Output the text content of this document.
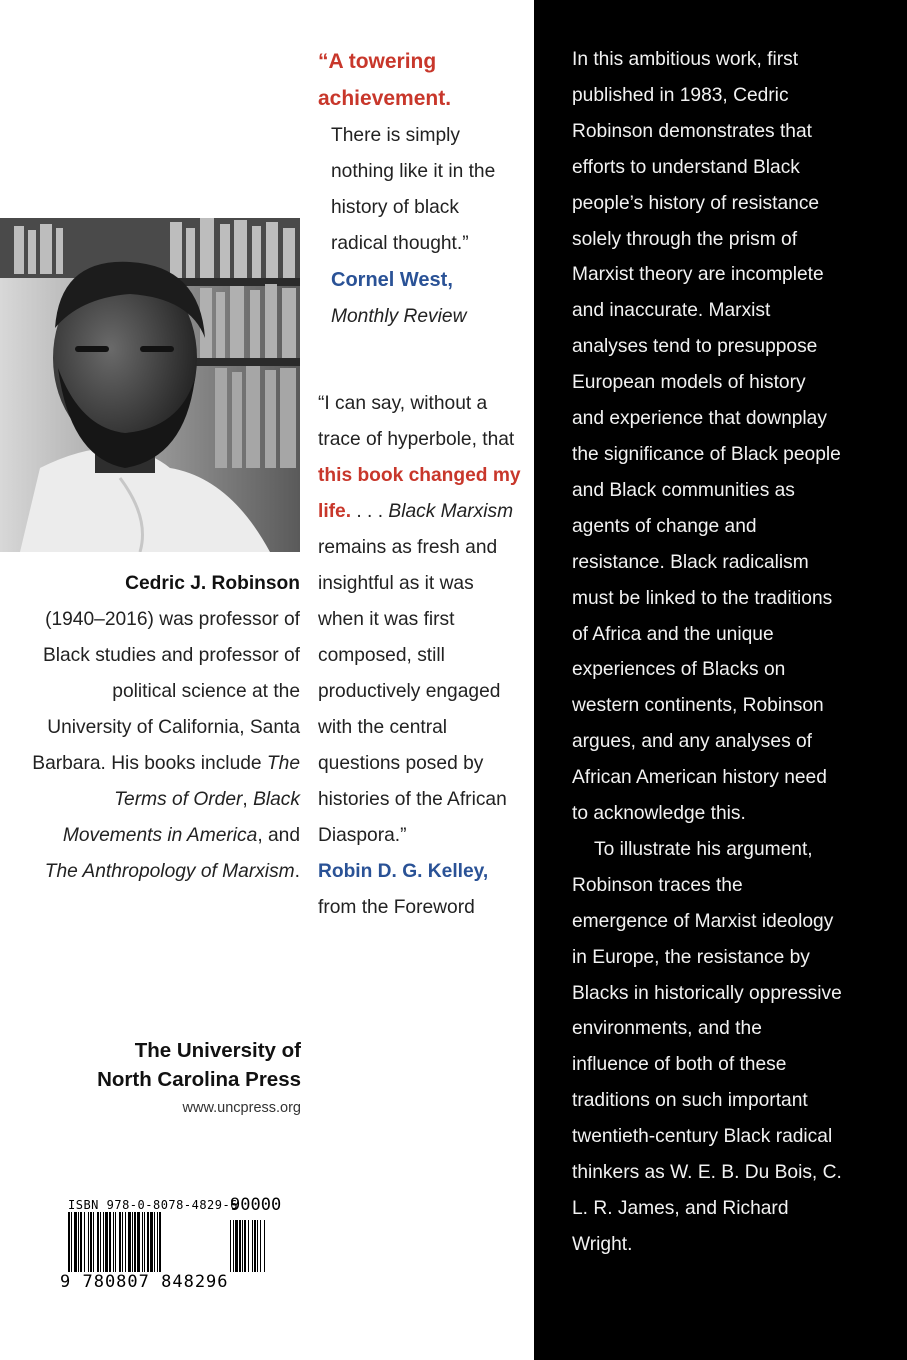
Cedric J. Robinson
(1940–2016) was professor of Black studies and professor of political science at the University of California, Santa Barbara. His books include The Terms of Order, Black Movements in America, and The Anthropology of Marxism.
“A towering achievement.
There is simply nothing like it in the history of black radical thought.”
Cornel West,
Monthly Review
“I can say, without a trace of hyperbole, that this book changed my life. . . . Black Marxism remains as fresh and insightful as it was when it was first composed, still productively engaged with the central questions posed by histories of the African Diaspora.”
Robin D. G. Kelley, from the Foreword
The University of
North Carolina Press
www.uncpress.org
ISBN 978-0-8078-4829-6
90000
9 780807 848296

In this ambitious work, first published in 1983, Cedric Robinson demonstrates that efforts to understand Black people’s history of resistance solely through the prism of Marxist theory are incomplete and inaccurate. Marxist analyses tend to presuppose European models of history and experience that downplay the significance of Black people and Black communities as agents of change and resistance. Black radicalism must be linked to the traditions of Africa and the unique experiences of Blacks on western continents, Robinson argues, and any analyses of African American history need to acknowledge this.

To illustrate his argument, Robinson traces the emergence of Marxist ideology in Europe, the resistance by Blacks in historically oppressive environments, and the influence of both of these traditions on such important twentieth-century Black radical thinkers as W. E. B. Du Bois, C. L. R. James, and Richard Wright.
